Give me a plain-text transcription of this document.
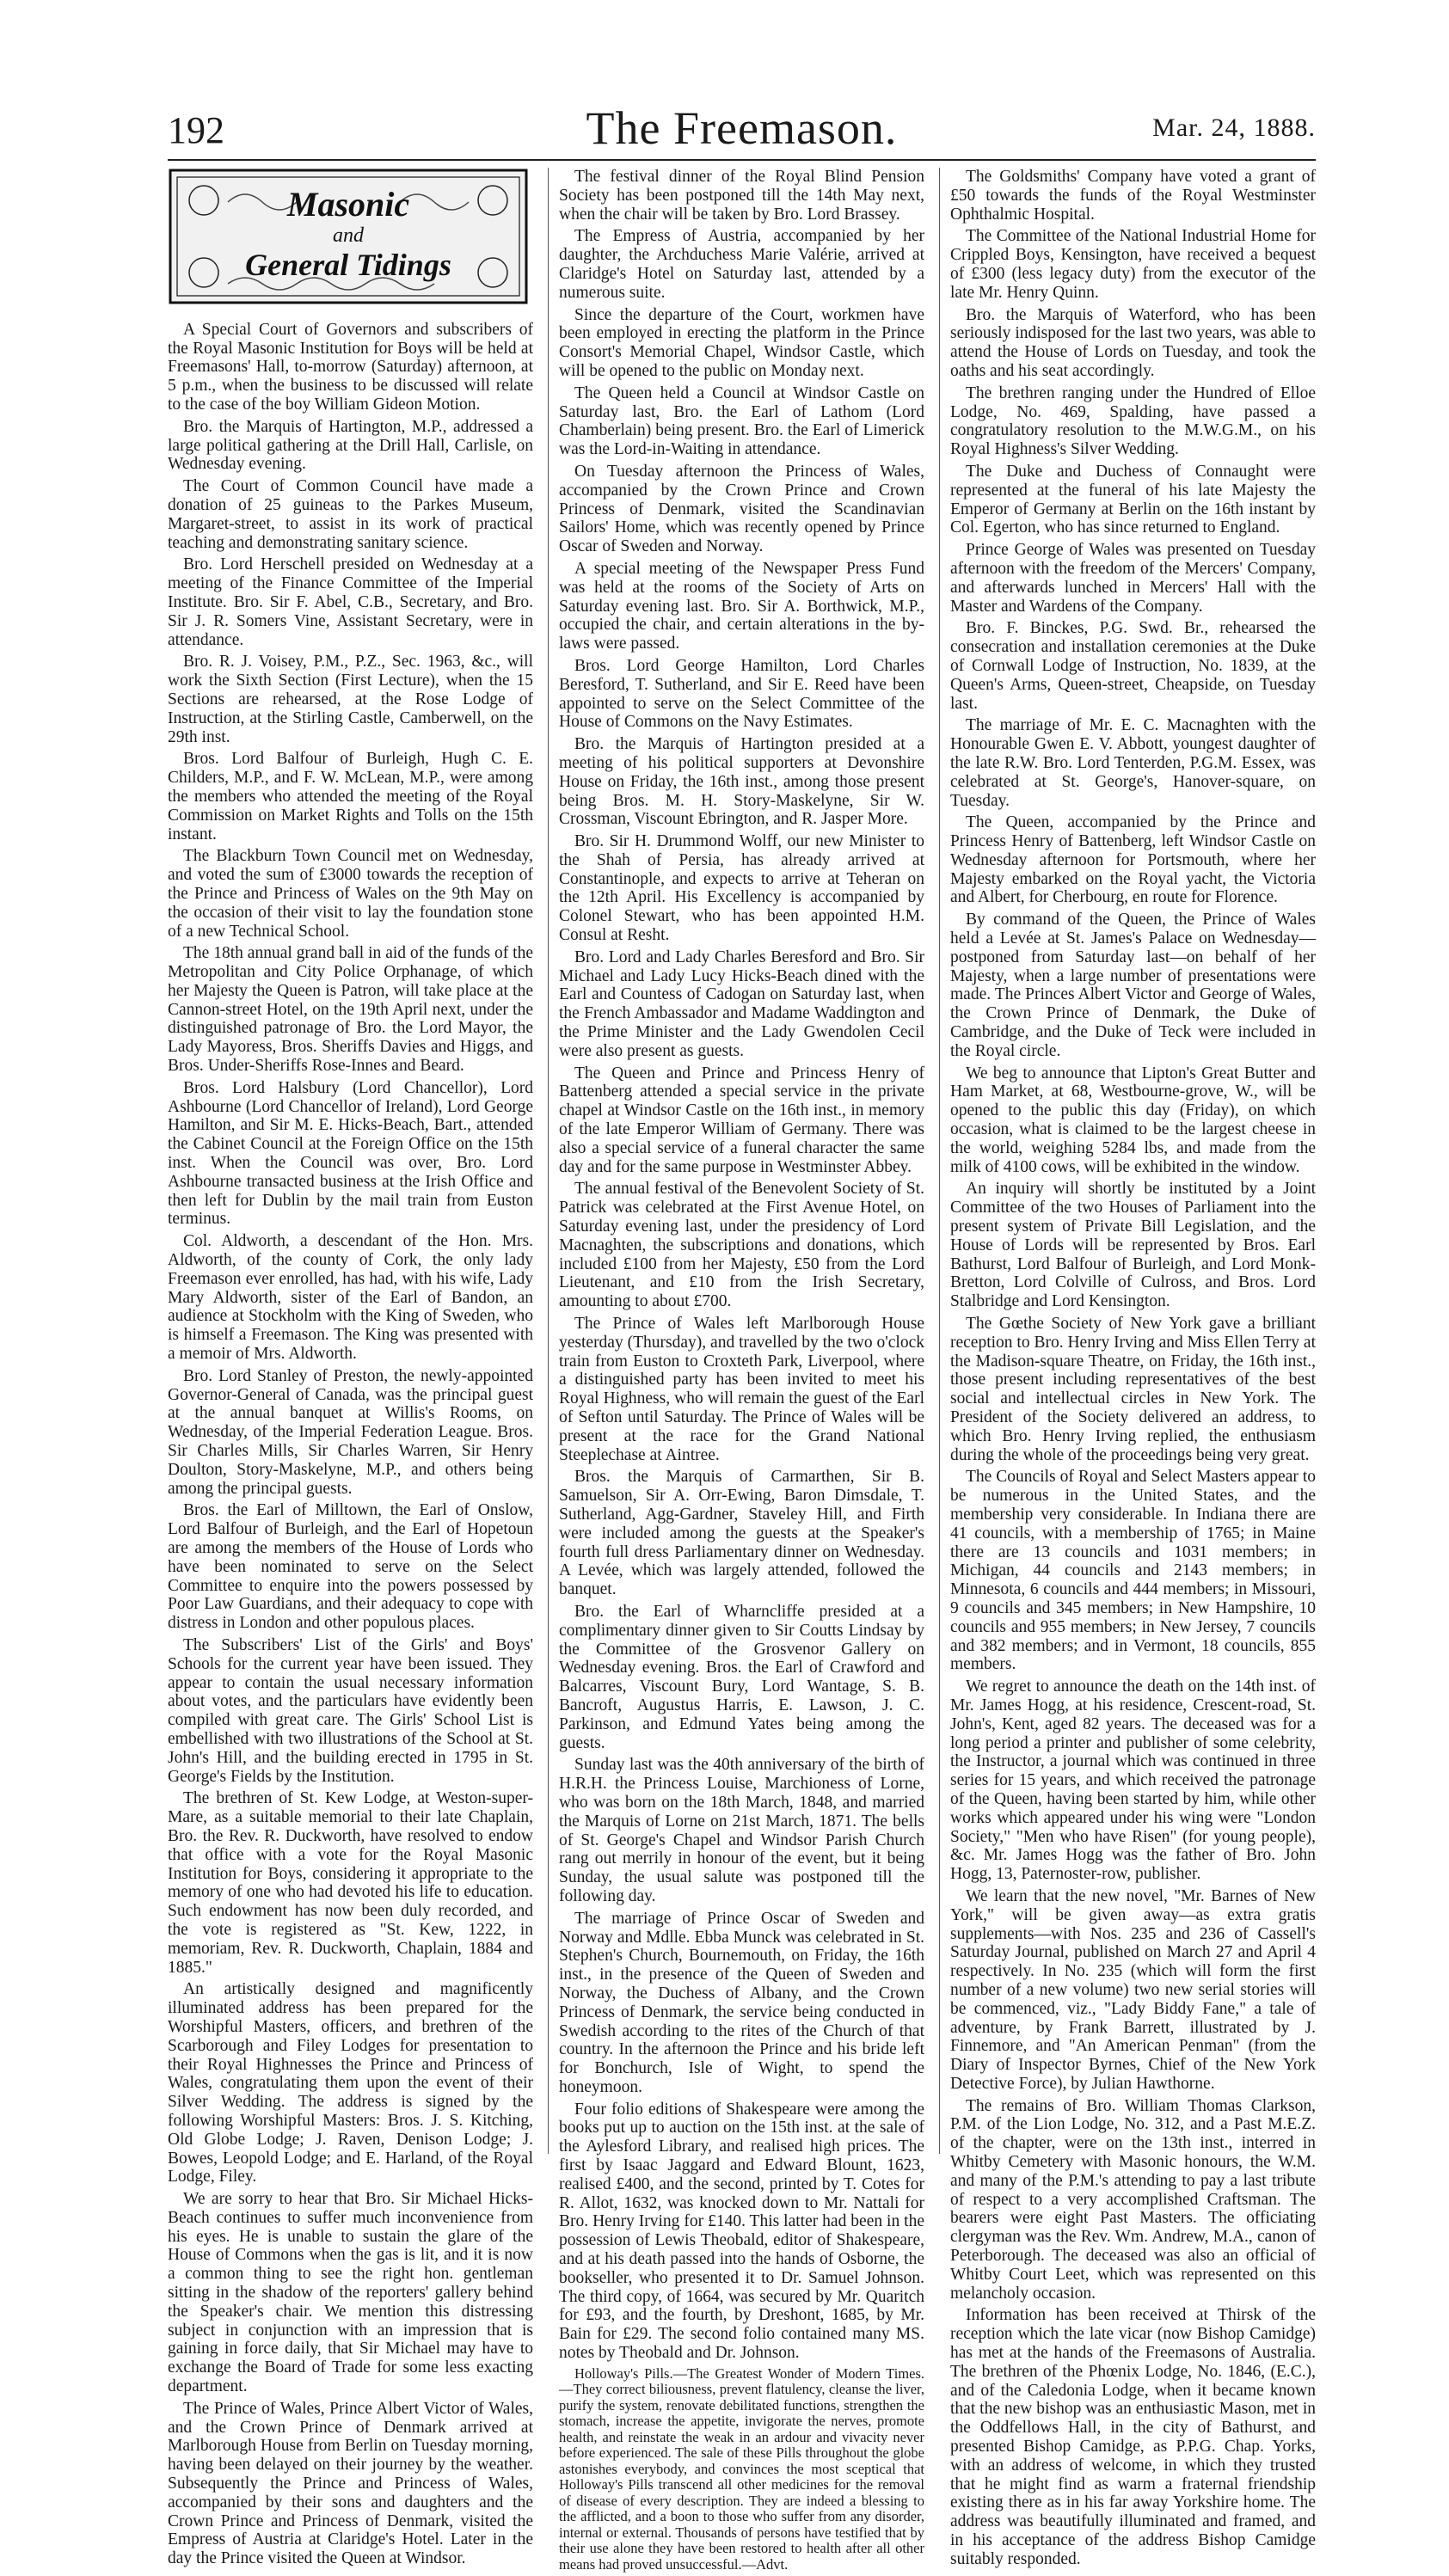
192	The Freemason.	Mar. 24, 1888.
Masonic
and
General Tidings

A Special Court of Governors and subscribers of the Royal Masonic Institution for Boys will be held at Freemasons' Hall, to-morrow (Saturday) afternoon, at 5 p.m., when the business to be discussed will relate to the case of the boy William Gideon Motion.

Bro. the Marquis of Hartington, M.P., addressed a large political gathering at the Drill Hall, Carlisle, on Wednesday evening.

The Court of Common Council have made a donation of 25 guineas to the Parkes Museum, Margaret-street, to assist in its work of practical teaching and demonstrating sanitary science.

Bro. Lord Herschell presided on Wednesday at a meeting of the Finance Committee of the Imperial Institute. Bro. Sir F. Abel, C.B., Secretary, and Bro. Sir J. R. Somers Vine, Assistant Secretary, were in attendance.

Bro. R. J. Voisey, P.M., P.Z., Sec. 1963, &c., will work the Sixth Section (First Lecture), when the 15 Sections are rehearsed, at the Rose Lodge of Instruction, at the Stirling Castle, Camberwell, on the 29th inst.

Bros. Lord Balfour of Burleigh, Hugh C. E. Childers, M.P., and F. W. McLean, M.P., were among the members who attended the meeting of the Royal Commission on Market Rights and Tolls on the 15th instant.

The Blackburn Town Council met on Wednesday, and voted the sum of £3000 towards the reception of the Prince and Princess of Wales on the 9th May on the occasion of their visit to lay the foundation stone of a new Technical School.

The 18th annual grand ball in aid of the funds of the Metropolitan and City Police Orphanage, of which her Majesty the Queen is Patron, will take place at the Cannon-street Hotel, on the 19th April next, under the distinguished patronage of Bro. the Lord Mayor, the Lady Mayoress, Bros. Sheriffs Davies and Higgs, and Bros. Under-Sheriffs Rose-Innes and Beard.

Bros. Lord Halsbury (Lord Chancellor), Lord Ashbourne (Lord Chancellor of Ireland), Lord George Hamilton, and Sir M. E. Hicks-Beach, Bart., attended the Cabinet Council at the Foreign Office on the 15th inst. When the Council was over, Bro. Lord Ashbourne transacted business at the Irish Office and then left for Dublin by the mail train from Euston terminus.

Col. Aldworth, a descendant of the Hon. Mrs. Aldworth, of the county of Cork, the only lady Freemason ever enrolled, has had, with his wife, Lady Mary Aldworth, sister of the Earl of Bandon, an audience at Stockholm with the King of Sweden, who is himself a Freemason. The King was presented with a memoir of Mrs. Aldworth.

Bro. Lord Stanley of Preston, the newly-appointed Governor-General of Canada, was the principal guest at the annual banquet at Willis's Rooms, on Wednesday, of the Imperial Federation League. Bros. Sir Charles Mills, Sir Charles Warren, Sir Henry Doulton, Story-Maskelyne, M.P., and others being among the principal guests.

Bros. the Earl of Milltown, the Earl of Onslow, Lord Balfour of Burleigh, and the Earl of Hopetoun are among the members of the House of Lords who have been nominated to serve on the Select Committee to enquire into the powers possessed by Poor Law Guardians, and their adequacy to cope with distress in London and other populous places.

The Subscribers' List of the Girls' and Boys' Schools for the current year have been issued. They appear to contain the usual necessary information about votes, and the particulars have evidently been compiled with great care. The Girls' School List is embellished with two illustrations of the School at St. John's Hill, and the building erected in 1795 in St. George's Fields by the Institution.

The brethren of St. Kew Lodge, at Weston-super-Mare, as a suitable memorial to their late Chaplain, Bro. the Rev. R. Duckworth, have resolved to endow that office with a vote for the Royal Masonic Institution for Boys, considering it appropriate to the memory of one who had devoted his life to education. Such endowment has now been duly recorded, and the vote is registered as "St. Kew, 1222, in memoriam, Rev. R. Duckworth, Chaplain, 1884 and 1885."

An artistically designed and magnificently illuminated address has been prepared for the Worshipful Masters, officers, and brethren of the Scarborough and Filey Lodges for presentation to their Royal Highnesses the Prince and Princess of Wales, congratulating them upon the event of their Silver Wedding. The address is signed by the following Worshipful Masters: Bros. J. S. Kitching, Old Globe Lodge; J. Raven, Denison Lodge; J. Bowes, Leopold Lodge; and E. Harland, of the Royal Lodge, Filey.

We are sorry to hear that Bro. Sir Michael Hicks-Beach continues to suffer much inconvenience from his eyes. He is unable to sustain the glare of the House of Commons when the gas is lit, and it is now a common thing to see the right hon. gentleman sitting in the shadow of the reporters' gallery behind the Speaker's chair. We mention this distressing subject in conjunction with an impression that is gaining in force daily, that Sir Michael may have to exchange the Board of Trade for some less exacting department.

The Prince of Wales, Prince Albert Victor of Wales, and the Crown Prince of Denmark arrived at Marlborough House from Berlin on Tuesday morning, having been delayed on their journey by the weather. Subsequently the Prince and Princess of Wales, accompanied by their sons and daughters and the Crown Prince and Princess of Denmark, visited the Empress of Austria at Claridge's Hotel. Later in the day the Prince visited the Queen at Windsor.

The festival dinner of the Royal Blind Pension Society has been postponed till the 14th May next, when the chair will be taken by Bro. Lord Brassey.

The Empress of Austria, accompanied by her daughter, the Archduchess Marie Valérie, arrived at Claridge's Hotel on Saturday last, attended by a numerous suite.

Since the departure of the Court, workmen have been employed in erecting the platform in the Prince Consort's Memorial Chapel, Windsor Castle, which will be opened to the public on Monday next.

The Queen held a Council at Windsor Castle on Saturday last, Bro. the Earl of Lathom (Lord Chamberlain) being present. Bro. the Earl of Limerick was the Lord-in-Waiting in attendance.

On Tuesday afternoon the Princess of Wales, accompanied by the Crown Prince and Crown Princess of Denmark, visited the Scandinavian Sailors' Home, which was recently opened by Prince Oscar of Sweden and Norway.

A special meeting of the Newspaper Press Fund was held at the rooms of the Society of Arts on Saturday evening last. Bro. Sir A. Borthwick, M.P., occupied the chair, and certain alterations in the by-laws were passed.

Bros. Lord George Hamilton, Lord Charles Beresford, T. Sutherland, and Sir E. Reed have been appointed to serve on the Select Committee of the House of Commons on the Navy Estimates.

Bro. the Marquis of Hartington presided at a meeting of his political supporters at Devonshire House on Friday, the 16th inst., among those present being Bros. M. H. Story-Maskelyne, Sir W. Crossman, Viscount Ebrington, and R. Jasper More.

Bro. Sir H. Drummond Wolff, our new Minister to the Shah of Persia, has already arrived at Constantinople, and expects to arrive at Teheran on the 12th April. His Excellency is accompanied by Colonel Stewart, who has been appointed H.M. Consul at Resht.

Bro. Lord and Lady Charles Beresford and Bro. Sir Michael and Lady Lucy Hicks-Beach dined with the Earl and Countess of Cadogan on Saturday last, when the French Ambassador and Madame Waddington and the Prime Minister and the Lady Gwendolen Cecil were also present as guests.

The Queen and Prince and Princess Henry of Battenberg attended a special service in the private chapel at Windsor Castle on the 16th inst., in memory of the late Emperor William of Germany. There was also a special service of a funeral character the same day and for the same purpose in Westminster Abbey.

The annual festival of the Benevolent Society of St. Patrick was celebrated at the First Avenue Hotel, on Saturday evening last, under the presidency of Lord Macnaghten, the subscriptions and donations, which included £100 from her Majesty, £50 from the Lord Lieutenant, and £10 from the Irish Secretary, amounting to about £700.

The Prince of Wales left Marlborough House yesterday (Thursday), and travelled by the two o'clock train from Euston to Croxteth Park, Liverpool, where a distinguished party has been invited to meet his Royal Highness, who will remain the guest of the Earl of Sefton until Saturday. The Prince of Wales will be present at the race for the Grand National Steeplechase at Aintree.

Bros. the Marquis of Carmarthen, Sir B. Samuelson, Sir A. Orr-Ewing, Baron Dimsdale, T. Sutherland, Agg-Gardner, Staveley Hill, and Firth were included among the guests at the Speaker's fourth full dress Parliamentary dinner on Wednesday. A Levée, which was largely attended, followed the banquet.

Bro. the Earl of Wharncliffe presided at a complimentary dinner given to Sir Coutts Lindsay by the Committee of the Grosvenor Gallery on Wednesday evening. Bros. the Earl of Crawford and Balcarres, Viscount Bury, Lord Wantage, S. B. Bancroft, Augustus Harris, E. Lawson, J. C. Parkinson, and Edmund Yates being among the guests.

Sunday last was the 40th anniversary of the birth of H.R.H. the Princess Louise, Marchioness of Lorne, who was born on the 18th March, 1848, and married the Marquis of Lorne on 21st March, 1871. The bells of St. George's Chapel and Windsor Parish Church rang out merrily in honour of the event, but it being Sunday, the usual salute was postponed till the following day.

The marriage of Prince Oscar of Sweden and Norway and Mdlle. Ebba Munck was celebrated in St. Stephen's Church, Bournemouth, on Friday, the 16th inst., in the presence of the Queen of Sweden and Norway, the Duchess of Albany, and the Crown Princess of Denmark, the service being conducted in Swedish according to the rites of the Church of that country. In the afternoon the Prince and his bride left for Bonchurch, Isle of Wight, to spend the honeymoon.

Four folio editions of Shakespeare were among the books put up to auction on the 15th inst. at the sale of the Aylesford Library, and realised high prices. The first by Isaac Jaggard and Edward Blount, 1623, realised £400, and the second, printed by T. Cotes for R. Allot, 1632, was knocked down to Mr. Nattali for Bro. Henry Irving for £140. This latter had been in the possession of Lewis Theobald, editor of Shakespeare, and at his death passed into the hands of Osborne, the bookseller, who presented it to Dr. Samuel Johnson. The third copy, of 1664, was secured by Mr. Quaritch for £93, and the fourth, by Dreshont, 1685, by Mr. Bain for £29. The second folio contained many MS. notes by Theobald and Dr. Johnson.

Holloway's Pills.—The Greatest Wonder of Modern Times.—They correct biliousness, prevent flatulency, cleanse the liver, purify the system, renovate debilitated functions, strengthen the stomach, increase the appetite, invigorate the nerves, promote health, and reinstate the weak in an ardour and vivacity never before experienced. The sale of these Pills throughout the globe astonishes everybody, and convinces the most sceptical that Holloway's Pills transcend all other medicines for the removal of disease of every description. They are indeed a blessing to the afflicted, and a boon to those who suffer from any disorder, internal or external. Thousands of persons have testified that by their use alone they have been restored to health after all other means had proved unsuccessful.—Advt.

The Goldsmiths' Company have voted a grant of £50 towards the funds of the Royal Westminster Ophthalmic Hospital.

The Committee of the National Industrial Home for Crippled Boys, Kensington, have received a bequest of £300 (less legacy duty) from the executor of the late Mr. Henry Quinn.

Bro. the Marquis of Waterford, who has been seriously indisposed for the last two years, was able to attend the House of Lords on Tuesday, and took the oaths and his seat accordingly.

The brethren ranging under the Hundred of Elloe Lodge, No. 469, Spalding, have passed a congratulatory resolution to the M.W.G.M., on his Royal Highness's Silver Wedding.

The Duke and Duchess of Connaught were represented at the funeral of his late Majesty the Emperor of Germany at Berlin on the 16th instant by Col. Egerton, who has since returned to England.

Prince George of Wales was presented on Tuesday afternoon with the freedom of the Mercers' Company, and afterwards lunched in Mercers' Hall with the Master and Wardens of the Company.

Bro. F. Binckes, P.G. Swd. Br., rehearsed the consecration and installation ceremonies at the Duke of Cornwall Lodge of Instruction, No. 1839, at the Queen's Arms, Queen-street, Cheapside, on Tuesday last.

The marriage of Mr. E. C. Macnaghten with the Honourable Gwen E. V. Abbott, youngest daughter of the late R.W. Bro. Lord Tenterden, P.G.M. Essex, was celebrated at St. George's, Hanover-square, on Tuesday.

The Queen, accompanied by the Prince and Princess Henry of Battenberg, left Windsor Castle on Wednesday afternoon for Portsmouth, where her Majesty embarked on the Royal yacht, the Victoria and Albert, for Cherbourg, en route for Florence.

By command of the Queen, the Prince of Wales held a Levée at St. James's Palace on Wednesday—postponed from Saturday last—on behalf of her Majesty, when a large number of presentations were made. The Princes Albert Victor and George of Wales, the Crown Prince of Denmark, the Duke of Cambridge, and the Duke of Teck were included in the Royal circle.

We beg to announce that Lipton's Great Butter and Ham Market, at 68, Westbourne-grove, W., will be opened to the public this day (Friday), on which occasion, what is claimed to be the largest cheese in the world, weighing 5284 lbs, and made from the milk of 4100 cows, will be exhibited in the window.

An inquiry will shortly be instituted by a Joint Committee of the two Houses of Parliament into the present system of Private Bill Legislation, and the House of Lords will be represented by Bros. Earl Bathurst, Lord Balfour of Burleigh, and Lord Monk-Bretton, Lord Colville of Culross, and Bros. Lord Stalbridge and Lord Kensington.

The Gœthe Society of New York gave a brilliant reception to Bro. Henry Irving and Miss Ellen Terry at the Madison-square Theatre, on Friday, the 16th inst., those present including representatives of the best social and intellectual circles in New York. The President of the Society delivered an address, to which Bro. Henry Irving replied, the enthusiasm during the whole of the proceedings being very great.

The Councils of Royal and Select Masters appear to be numerous in the United States, and the membership very considerable. In Indiana there are 41 councils, with a membership of 1765; in Maine there are 13 councils and 1031 members; in Michigan, 44 councils and 2143 members; in Minnesota, 6 councils and 444 members; in Missouri, 9 councils and 345 members; in New Hampshire, 10 councils and 955 members; in New Jersey, 7 councils and 382 members; and in Vermont, 18 councils, 855 members.

We regret to announce the death on the 14th inst. of Mr. James Hogg, at his residence, Crescent-road, St. John's, Kent, aged 82 years. The deceased was for a long period a printer and publisher of some celebrity, the Instructor, a journal which was continued in three series for 15 years, and which received the patronage of the Queen, having been started by him, while other works which appeared under his wing were "London Society," "Men who have Risen" (for young people), &c. Mr. James Hogg was the father of Bro. John Hogg, 13, Paternoster-row, publisher.

We learn that the new novel, "Mr. Barnes of New York," will be given away—as extra gratis supplements—with Nos. 235 and 236 of Cassell's Saturday Journal, published on March 27 and April 4 respectively. In No. 235 (which will form the first number of a new volume) two new serial stories will be commenced, viz., "Lady Biddy Fane," a tale of adventure, by Frank Barrett, illustrated by J. Finnemore, and "An American Penman" (from the Diary of Inspector Byrnes, Chief of the New York Detective Force), by Julian Hawthorne.

The remains of Bro. William Thomas Clarkson, P.M. of the Lion Lodge, No. 312, and a Past M.E.Z. of the chapter, were on the 13th inst., interred in Whitby Cemetery with Masonic honours, the W.M. and many of the P.M.'s attending to pay a last tribute of respect to a very accomplished Craftsman. The bearers were eight Past Masters. The officiating clergyman was the Rev. Wm. Andrew, M.A., canon of Peterborough. The deceased was also an official of Whitby Court Leet, which was represented on this melancholy occasion.

Information has been received at Thirsk of the reception which the late vicar (now Bishop Camidge) has met at the hands of the Freemasons of Australia. The brethren of the Phœnix Lodge, No. 1846, (E.C.), and of the Caledonia Lodge, when it became known that the new bishop was an enthusiastic Mason, met in the Oddfellows Hall, in the city of Bathurst, and presented Bishop Camidge, as P.P.G. Chap. Yorks, with an address of welcome, in which they trusted that he might find as warm a fraternal friendship existing there as in his far away Yorkshire home. The address was beautifully illuminated and framed, and in his acceptance of the address Bishop Camidge suitably responded.
